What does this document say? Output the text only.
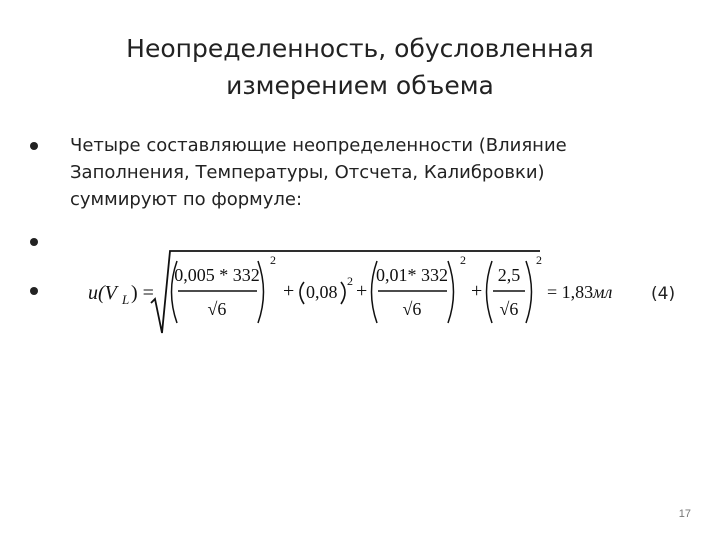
Неопределенность, обусловленная
измерением объема
Четыре составляющие неопределенности (Влияние
Заполнения, Температуры, Отсчета, Калибровки)
суммируют по формуле:
u(V L ) =
0,005 * 332
√6
2
+ 0,08
2 +
0,01* 332
√6
2
+
2,5
√6
2
= 1,83 мл (4)
17
